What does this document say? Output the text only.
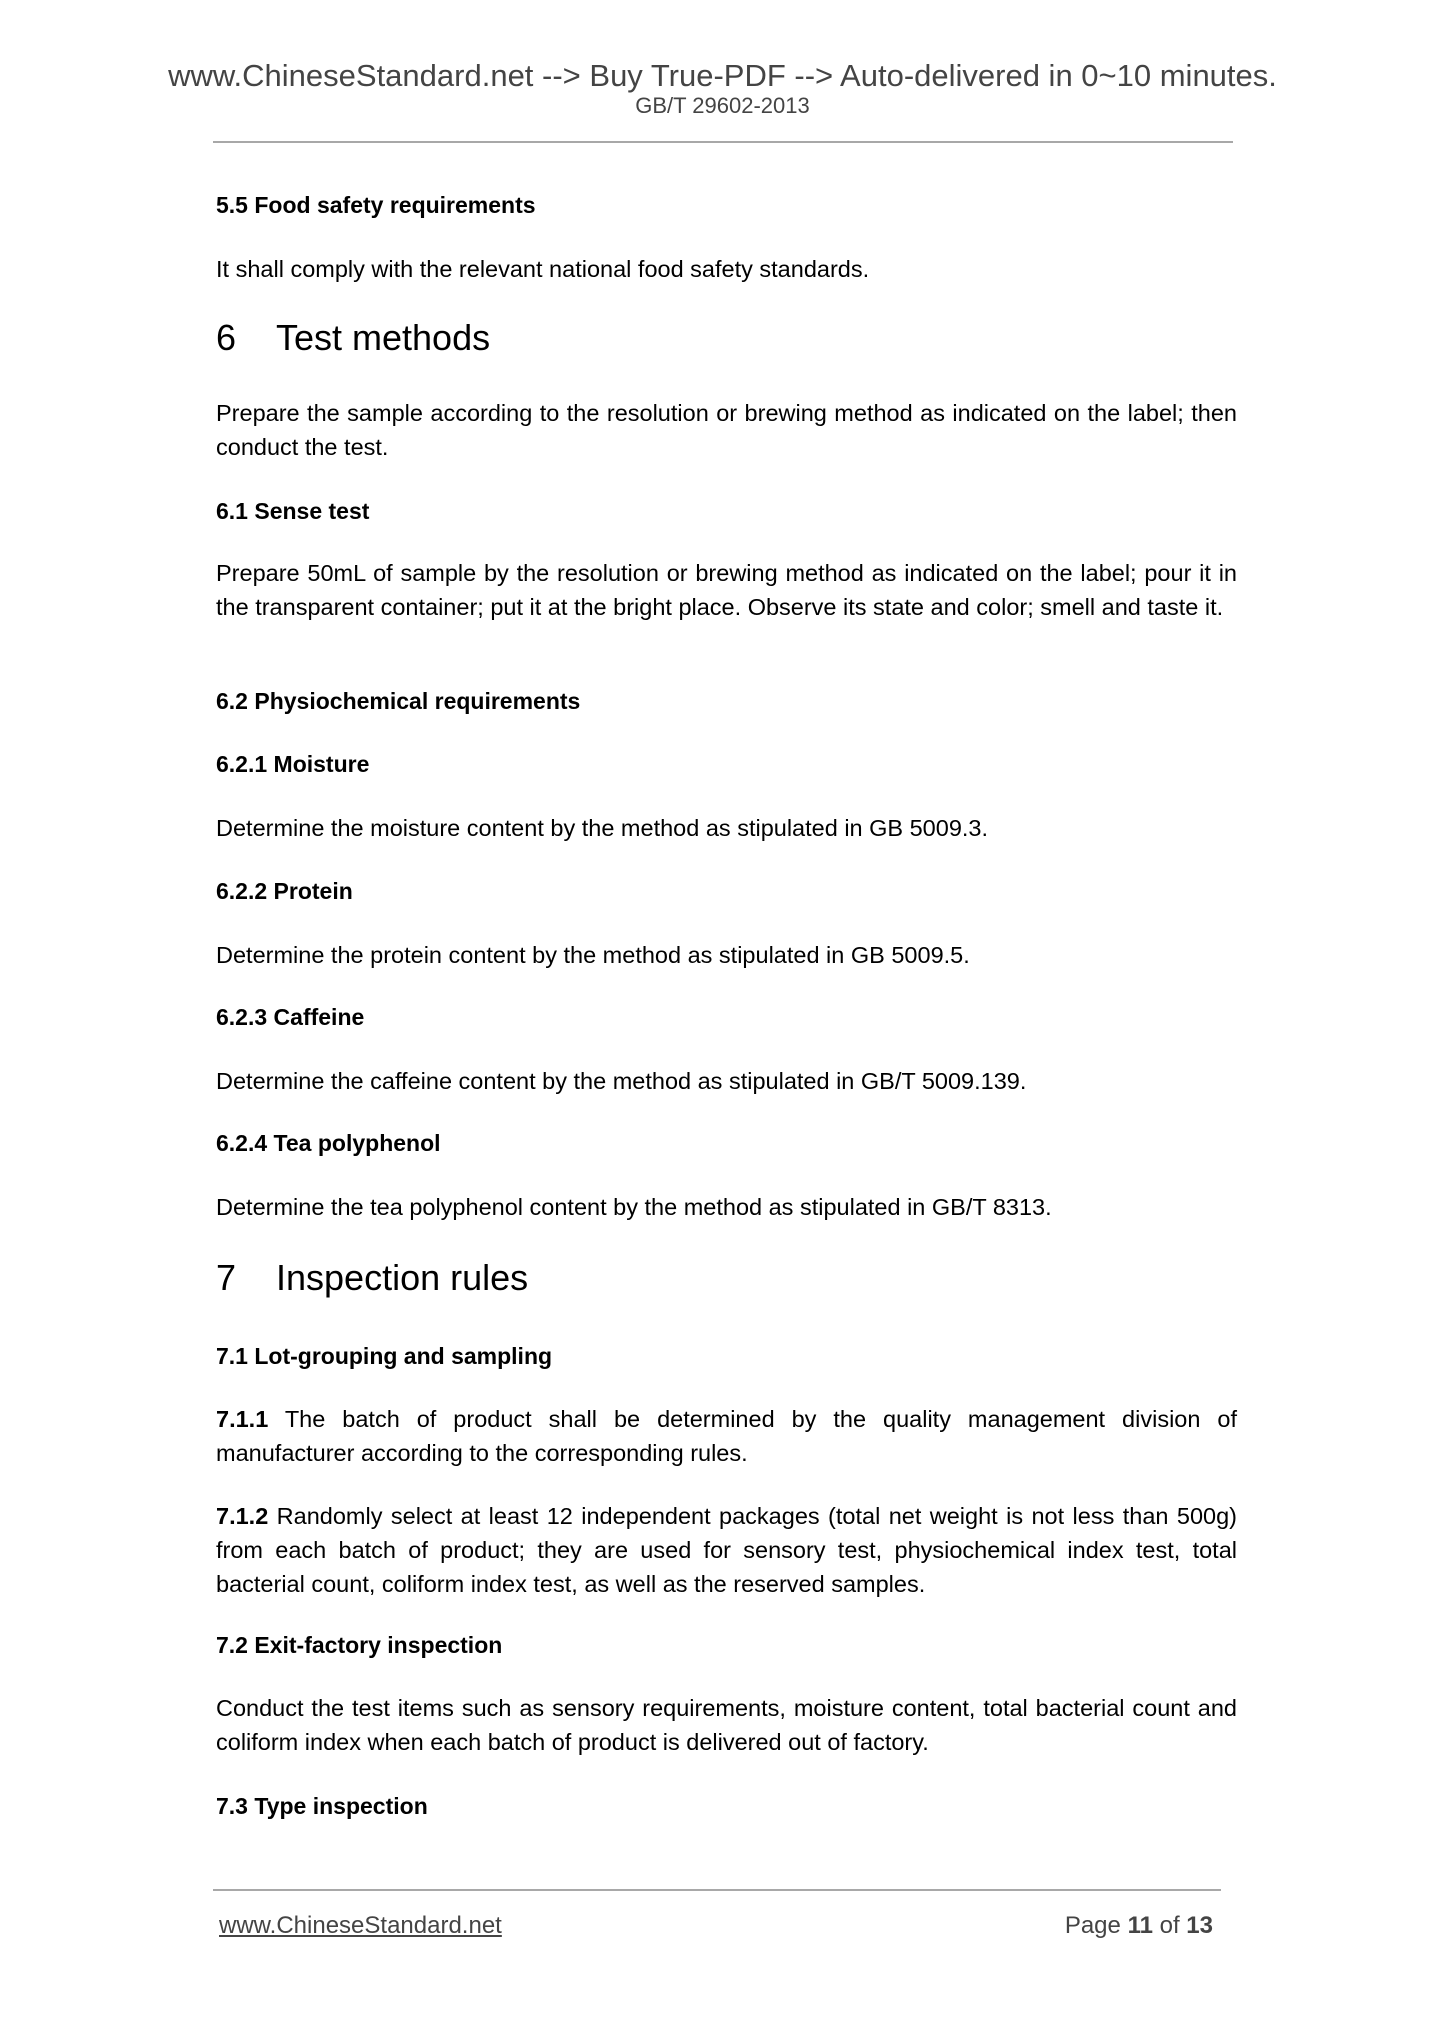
www.ChineseStandard.net --> Buy True-PDF --> Auto-delivered in 0~10 minutes.
GB/T 29602-2013
5.5 Food safety requirements
It shall comply with the relevant national food safety standards.
6 Test methods
Prepare the sample according to the resolution or brewing method as indicated on the label; then conduct the test.
6.1 Sense test
Prepare 50mL of sample by the resolution or brewing method as indicated on the label; pour it in the transparent container; put it at the bright place. Observe its state and color; smell and taste it.
6.2 Physiochemical requirements
6.2.1 Moisture
Determine the moisture content by the method as stipulated in GB 5009.3.
6.2.2 Protein
Determine the protein content by the method as stipulated in GB 5009.5.
6.2.3 Caffeine
Determine the caffeine content by the method as stipulated in GB/T 5009.139.
6.2.4 Tea polyphenol
Determine the tea polyphenol content by the method as stipulated in GB/T 8313.
7 Inspection rules
7.1 Lot-grouping and sampling
7.1.1 The batch of product shall be determined by the quality management division of manufacturer according to the corresponding rules.
7.1.2 Randomly select at least 12 independent packages (total net weight is not less than 500g) from each batch of product; they are used for sensory test, physiochemical index test, total bacterial count, coliform index test, as well as the reserved samples.
7.2 Exit-factory inspection
Conduct the test items such as sensory requirements, moisture content, total bacterial count and coliform index when each batch of product is delivered out of factory.
7.3 Type inspection
www.ChineseStandard.net	Page 11 of 13
